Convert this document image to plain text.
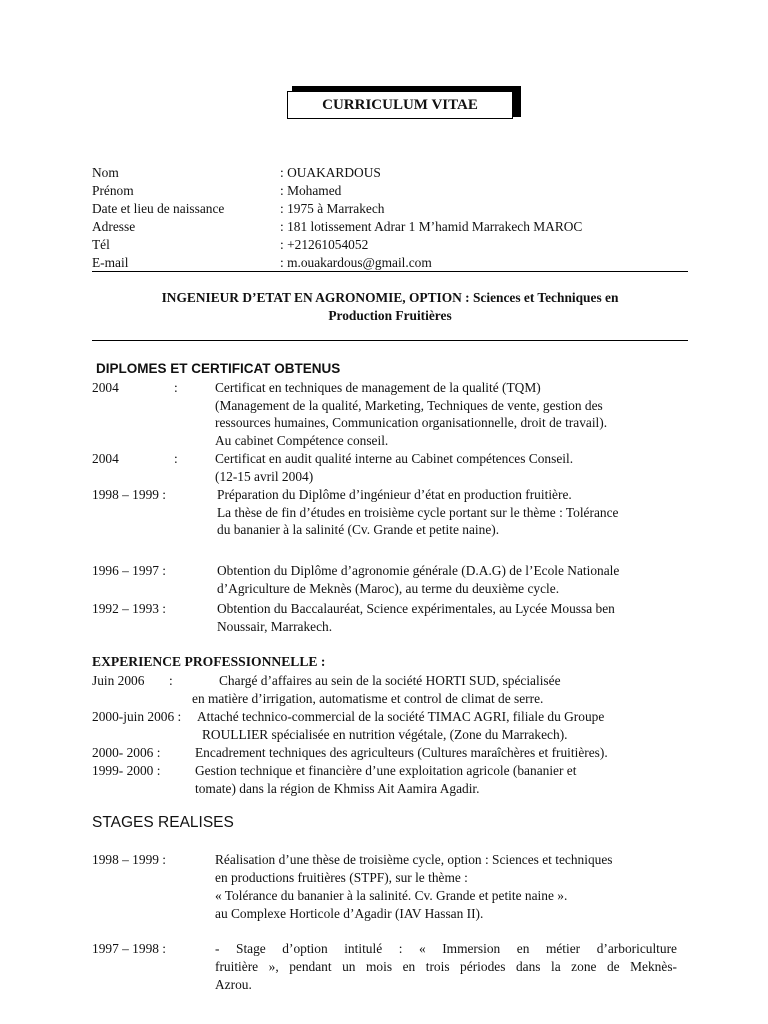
CURRICULUM VITAE
Nom	: OUAKARDOUS
Prénom	: Mohamed
Date et lieu de naissance	: 1975 à Marrakech
Adresse	: 181 lotissement Adrar 1 M’hamid Marrakech MAROC
Tél	: +21261054052
E-mail	: m.ouakardous@gmail.com
INGENIEUR D’ETAT EN AGRONOMIE, OPTION : Sciences et Techniques en
Production Fruitières
DIPLOMES ET CERTIFICAT OBTENUS
2004	:	Certificat en techniques de management de la qualité (TQM)
(Management de la qualité, Marketing, Techniques de vente, gestion des
ressources humaines, Communication organisationnelle, droit de travail).
Au cabinet Compétence conseil.
2004	:	Certificat en audit qualité interne au Cabinet compétences Conseil.
(12-15 avril 2004)
1998 – 1999 :	Préparation du Diplôme d’ingénieur d’état en production fruitière.
La thèse de fin d’études en troisième cycle portant sur le thème : Tolérance
du bananier à la salinité (Cv. Grande et petite naine).
1996 – 1997 :	Obtention du Diplôme d’agronomie générale (D.A.G) de l’Ecole Nationale
d’Agriculture de Meknès (Maroc), au terme du deuxième cycle.
1992 – 1993 :	Obtention du Baccalauréat, Science expérimentales, au Lycée Moussa ben
Noussair, Marrakech.
EXPERIENCE PROFESSIONNELLE :
Juin 2006 :	Chargé d’affaires au sein de la société HORTI SUD, spécialisée
en matière d’irrigation, automatisme et control de climat de serre.
2000-juin 2006 : Attaché technico-commercial de la société TIMAC AGRI, filiale du Groupe
ROULLIER spécialisée en nutrition végétale, (Zone du Marrakech).
2000- 2006 :	Encadrement techniques des agriculteurs (Cultures maraîchères et fruitières).
1999- 2000 :	Gestion technique et financière d’une exploitation agricole (bananier et
tomate) dans la région de Khmiss Ait Aamira Agadir.
STAGES REALISES
1998 – 1999 :	Réalisation d’une thèse de troisième cycle, option : Sciences et techniques
en productions fruitières (STPF), sur le thème :
« Tolérance du bananier à la salinité. Cv. Grande et petite naine ».
au Complexe Horticole d’Agadir (IAV Hassan II).
1997 – 1998 :	- Stage d’option intitulé : « Immersion en métier d’arboriculture
fruitière », pendant un mois en trois périodes dans la zone de Meknès-
Azrou.
